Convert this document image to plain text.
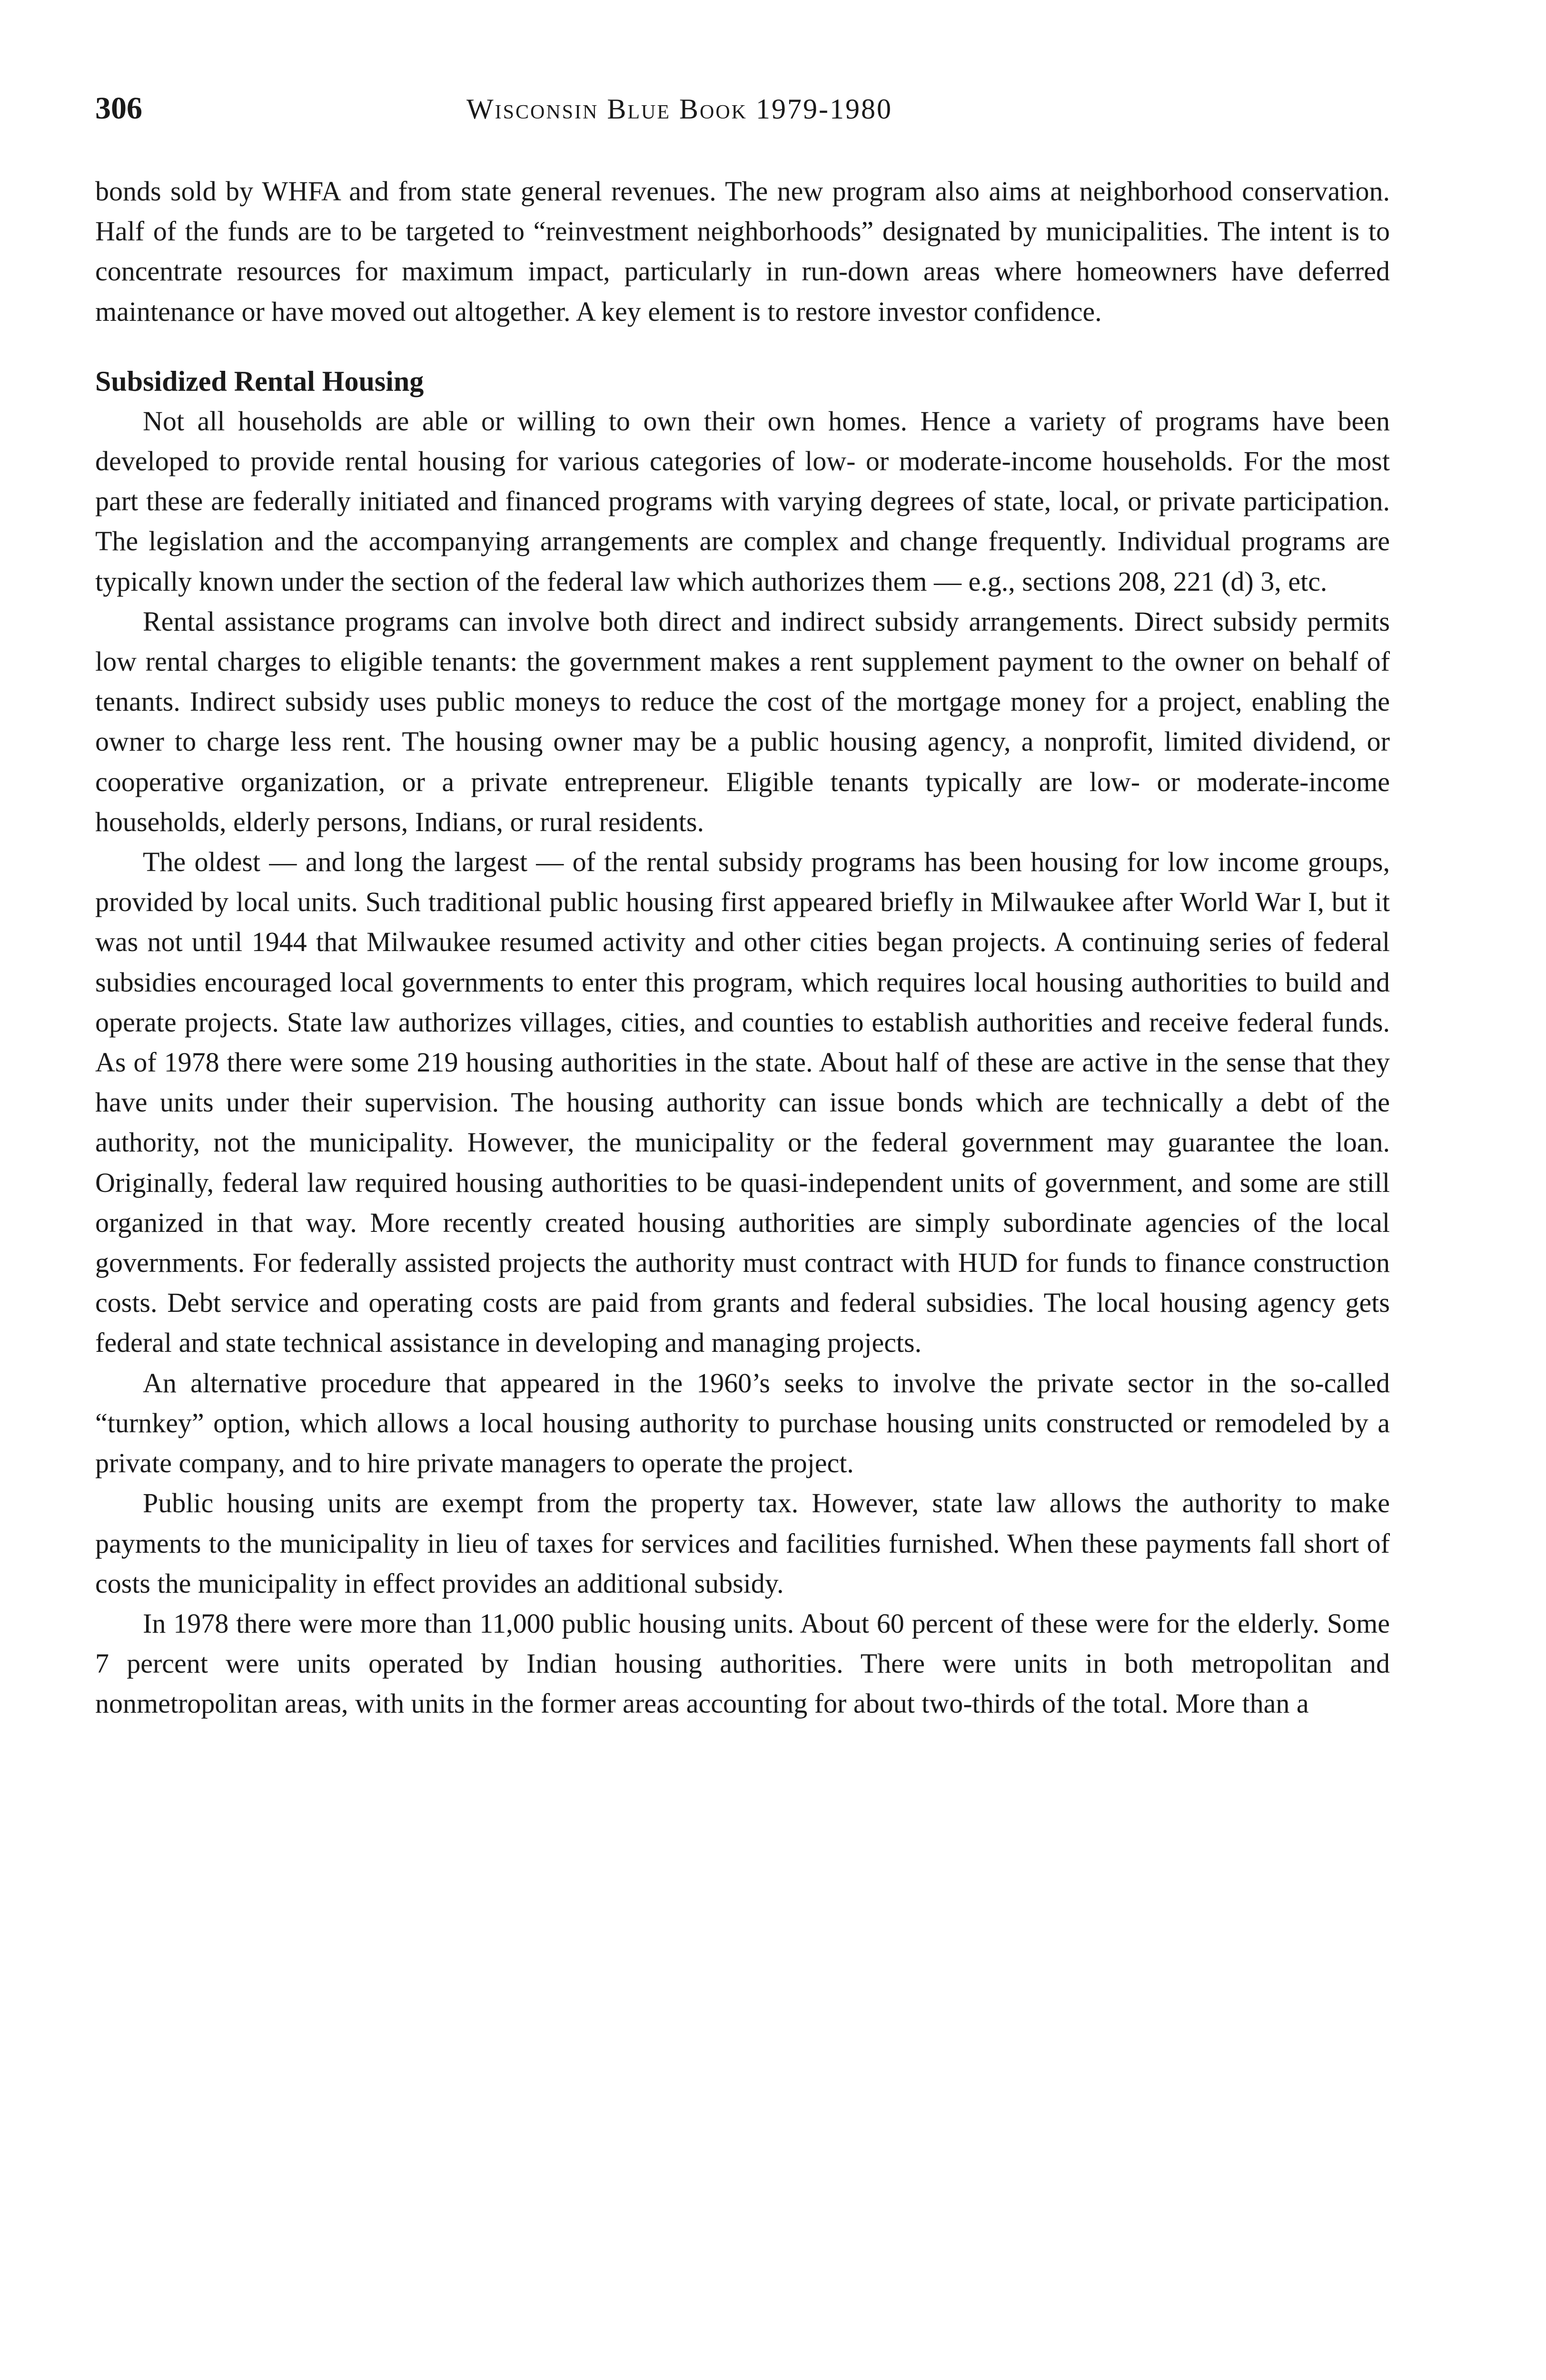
306	Wisconsin Blue Book 1979-1980

bonds sold by WHFA and from state general revenues. The new program also aims at neighborhood conservation. Half of the funds are to be targeted to “reinvestment neighborhoods” designated by municipalities. The intent is to concentrate resources for maximum impact, particularly in run-down areas where homeowners have deferred maintenance or have moved out altogether. A key element is to restore investor confidence.

Subsidized Rental Housing

Not all households are able or willing to own their own homes. Hence a variety of programs have been developed to provide rental housing for various categories of low- or moderate-income households. For the most part these are federally initiated and financed programs with varying degrees of state, local, or private participation. The legislation and the accompanying arrangements are complex and change frequently. Individual programs are typically known under the section of the federal law which authorizes them — e.g., sections 208, 221 (d) 3, etc.

Rental assistance programs can involve both direct and indirect subsidy arrangements. Direct subsidy permits low rental charges to eligible tenants: the government makes a rent supplement payment to the owner on behalf of tenants. Indirect subsidy uses public moneys to reduce the cost of the mortgage money for a project, enabling the owner to charge less rent. The housing owner may be a public housing agency, a nonprofit, limited dividend, or cooperative organization, or a private entrepreneur. Eligible tenants typically are low- or moderate-income households, elderly persons, Indians, or rural residents.

The oldest — and long the largest — of the rental subsidy programs has been housing for low income groups, provided by local units. Such traditional public housing first appeared briefly in Milwaukee after World War I, but it was not until 1944 that Milwaukee resumed activity and other cities began projects. A continuing series of federal subsidies encouraged local governments to enter this program, which requires local housing authorities to build and operate projects. State law authorizes villages, cities, and counties to establish authorities and receive federal funds. As of 1978 there were some 219 housing authorities in the state. About half of these are active in the sense that they have units under their supervision. The housing authority can issue bonds which are technically a debt of the authority, not the municipality. However, the municipality or the federal government may guarantee the loan. Originally, federal law required housing authorities to be quasi-independent units of government, and some are still organized in that way. More recently created housing authorities are simply subordinate agencies of the local governments. For federally assisted projects the authority must contract with HUD for funds to finance construction costs. Debt service and operating costs are paid from grants and federal subsidies. The local housing agency gets federal and state technical assistance in developing and managing projects.

An alternative procedure that appeared in the 1960’s seeks to involve the private sector in the so-called “turnkey” option, which allows a local housing authority to purchase housing units constructed or remodeled by a private company, and to hire private managers to operate the project.

Public housing units are exempt from the property tax. However, state law allows the authority to make payments to the municipality in lieu of taxes for services and facilities furnished. When these payments fall short of costs the municipality in effect provides an additional subsidy.

In 1978 there were more than 11,000 public housing units. About 60 percent of these were for the elderly. Some 7 percent were units operated by Indian housing authorities. There were units in both metropolitan and nonmetropolitan areas, with units in the former areas accounting for about two-thirds of the total. More than a
